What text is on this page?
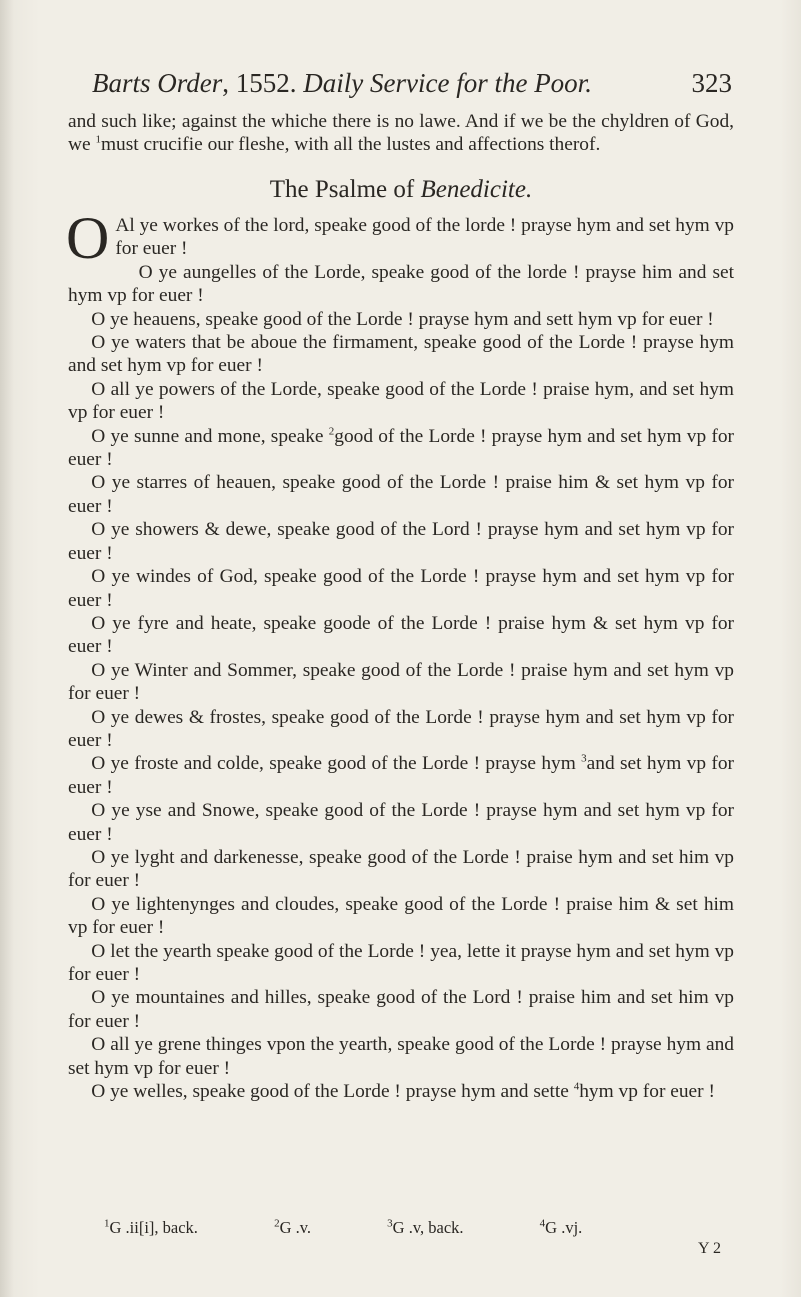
Barts Order, 1552. Daily Service for the Poor.	323

and such like; against the whiche there is no lawe. And if we be the chyldren of God, we $^1$must crucifie our fleshe, with all the lustes and affections therof.

The Psalme of Benedicite.

O Al ye workes of the lord, speake good of the lorde ! prayse hym and set hym vp for euer !

O ye aungelles of the Lorde, speake good of the lorde ! prayse him and set hym vp for euer !

O ye heauens, speake good of the Lorde ! prayse hym and sett hym vp for euer !

O ye waters that be aboue the firmament, speake good of the Lorde ! prayse hym and set hym vp for euer !

O all ye powers of the Lorde, speake good of the Lorde ! praise hym, and set hym vp for euer !

O ye sunne and mone, speake $^2$good of the Lorde ! prayse hym and set hym vp for euer !

O ye starres of heauen, speake good of the Lorde ! praise him & set hym vp for euer !

O ye showers & dewe, speake good of the Lord ! prayse hym and set hym vp for euer !

O ye windes of God, speake good of the Lorde ! prayse hym and set hym vp for euer !

O ye fyre and heate, speake goode of the Lorde ! praise hym & set hym vp for euer !

O ye Winter and Sommer, speake good of the Lorde ! praise hym and set hym vp for euer !

O ye dewes & frostes, speake good of the Lorde ! prayse hym and set hym vp for euer !

O ye froste and colde, speake good of the Lorde ! prayse hym $^3$and set hym vp for euer !

O ye yse and Snowe, speake good of the Lorde ! prayse hym and set hym vp for euer !

O ye lyght and darkenesse, speake good of the Lorde ! praise hym and set him vp for euer !

O ye lightenynges and cloudes, speake good of the Lorde ! praise him & set him vp for euer !

O let the yearth speake good of the Lorde ! yea, lette it prayse hym and set hym vp for euer !

O ye mountaines and hilles, speake good of the Lord ! praise him and set him vp for euer !

O all ye grene thinges vpon the yearth, speake good of the Lorde ! prayse hym and set hym vp for euer !

O ye welles, speake good of the Lorde ! prayse hym and sette $^4$hym vp for euer !

$^1$G .ii[i], back.	$^2$G .v.	$^3$G .v, back.	$^4$G .vj.
Y 2
